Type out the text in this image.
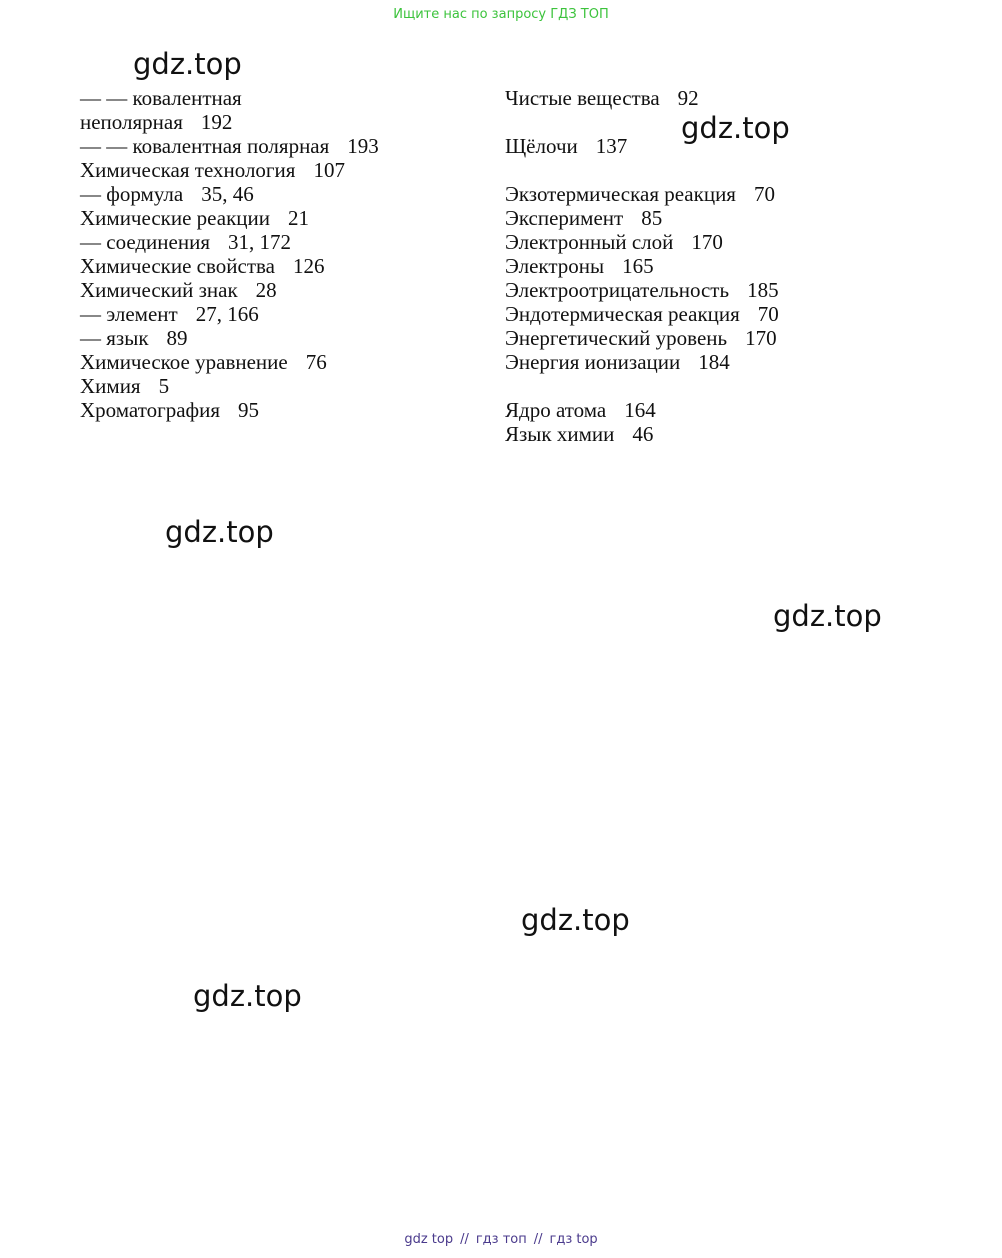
Ищите нас по запросу ГДЗ ТОП
— — ковалентная
неполярная 192
— — ковалентная полярная 193
Химическая технология 107
— формула 35, 46
Химические реакции 21
— соединения 31, 172
Химические свойства 126
Химический знак 28
— элемент 27, 166
— язык 89
Химическое уравнение 76
Химия 5
Хроматография 95
Чистые вещества 92
Щёлочи 137
Экзотермическая реакция 70
Эксперимент 85
Электронный слой 170
Электроны 165
Электроотрицательность 185
Эндотермическая реакция 70
Энергетический уровень 170
Энергия ионизации 184
Ядро атома 164
Язык химии 46
gdz.top
gdz.top
gdz.top
gdz.top
gdz.top
gdz.top
gdz top // гдз топ // гдз top
